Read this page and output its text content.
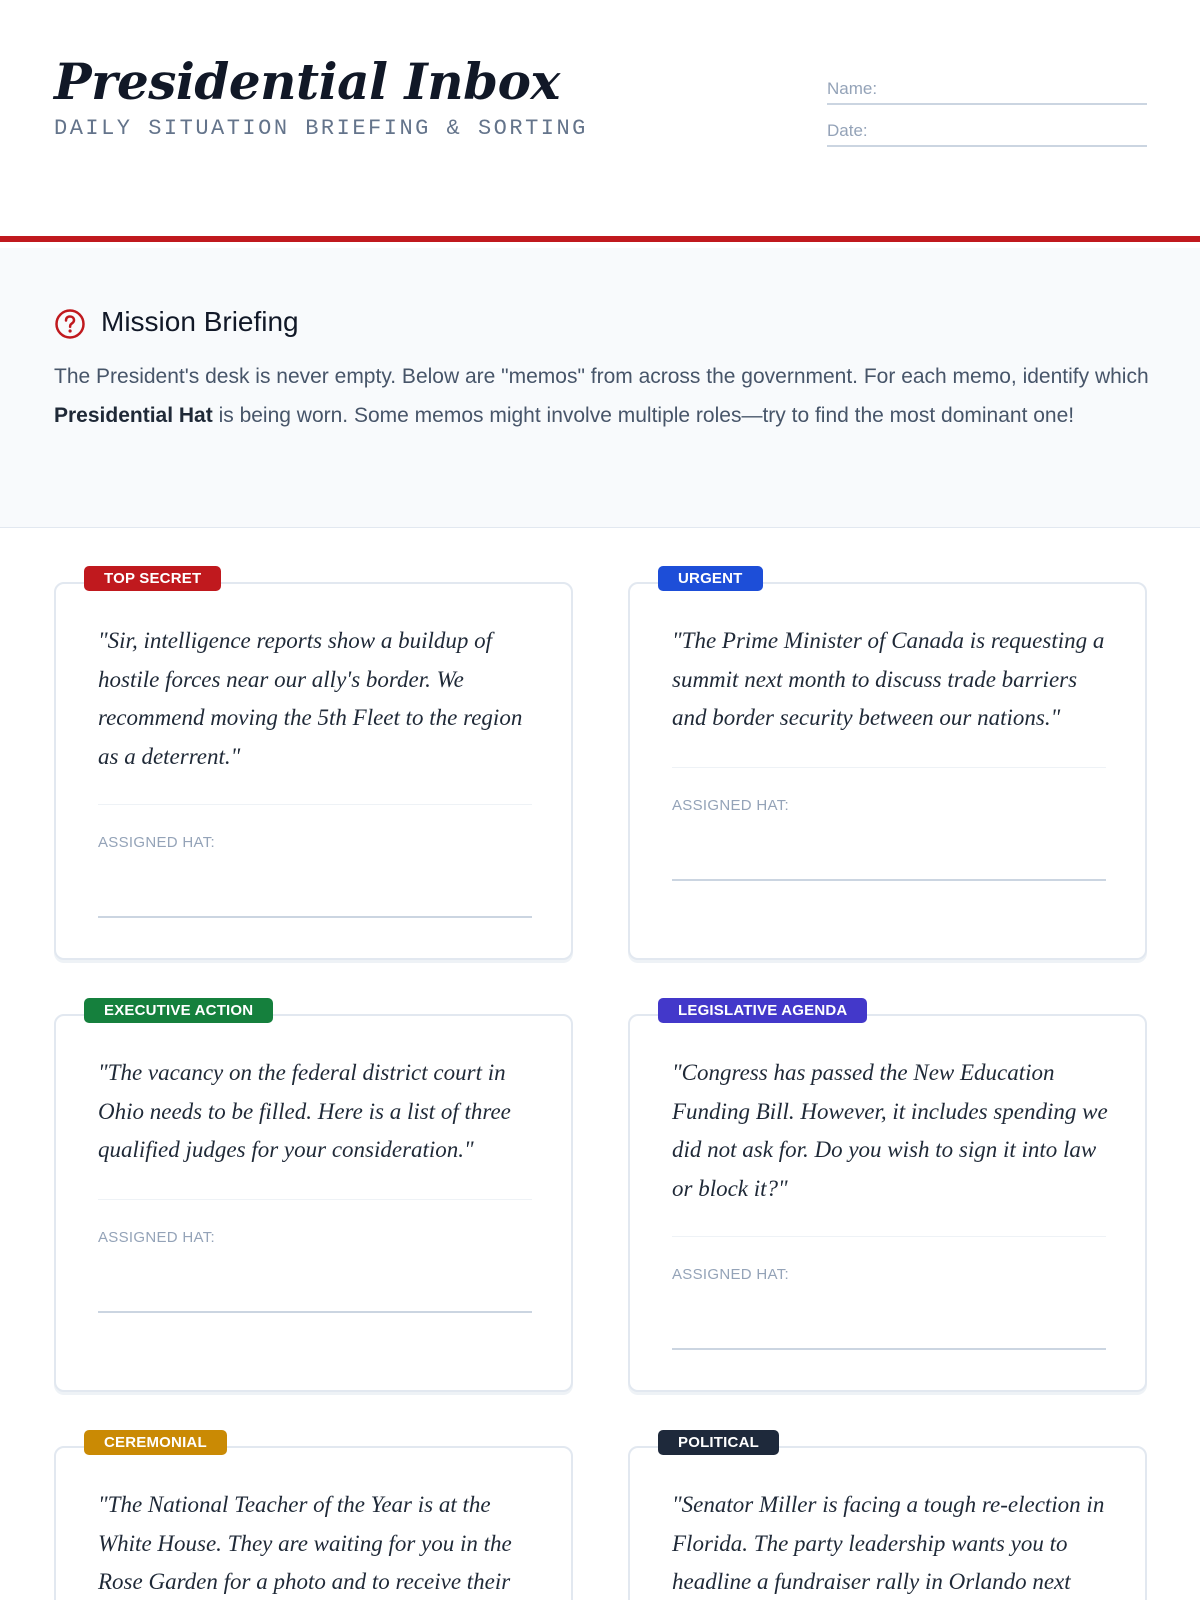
Presidential Inbox
DAILY SITUATION BRIEFING & SORTING
Name:
Date:
Mission Briefing

The President's desk is never empty. Below are "memos" from across the government. For each memo, identify which Presidential Hat is being worn. Some memos might involve multiple roles—try to find the most dominant one!

TOP SECRET

"Sir, intelligence reports show a buildup of hostile forces near our ally's border. We recommend moving the 5th Fleet to the region as a deterrent."

ASSIGNED HAT:
URGENT

"The Prime Minister of Canada is requesting a summit next month to discuss trade barriers and border security between our nations."

ASSIGNED HAT:
EXECUTIVE ACTION

"The vacancy on the federal district court in Ohio needs to be filled. Here is a list of three qualified judges for your consideration."

ASSIGNED HAT:
LEGISLATIVE AGENDA

"Congress has passed the New Education Funding Bill. However, it includes spending we did not ask for. Do you wish to sign it into law or block it?"

ASSIGNED HAT:
CEREMONIAL

"The National Teacher of the Year is at the White House. They are waiting for you in the Rose Garden for a photo and to receive their

POLITICAL

"Senator Miller is facing a tough re-election in Florida. The party leadership wants you to headline a fundraiser rally in Orlando next
